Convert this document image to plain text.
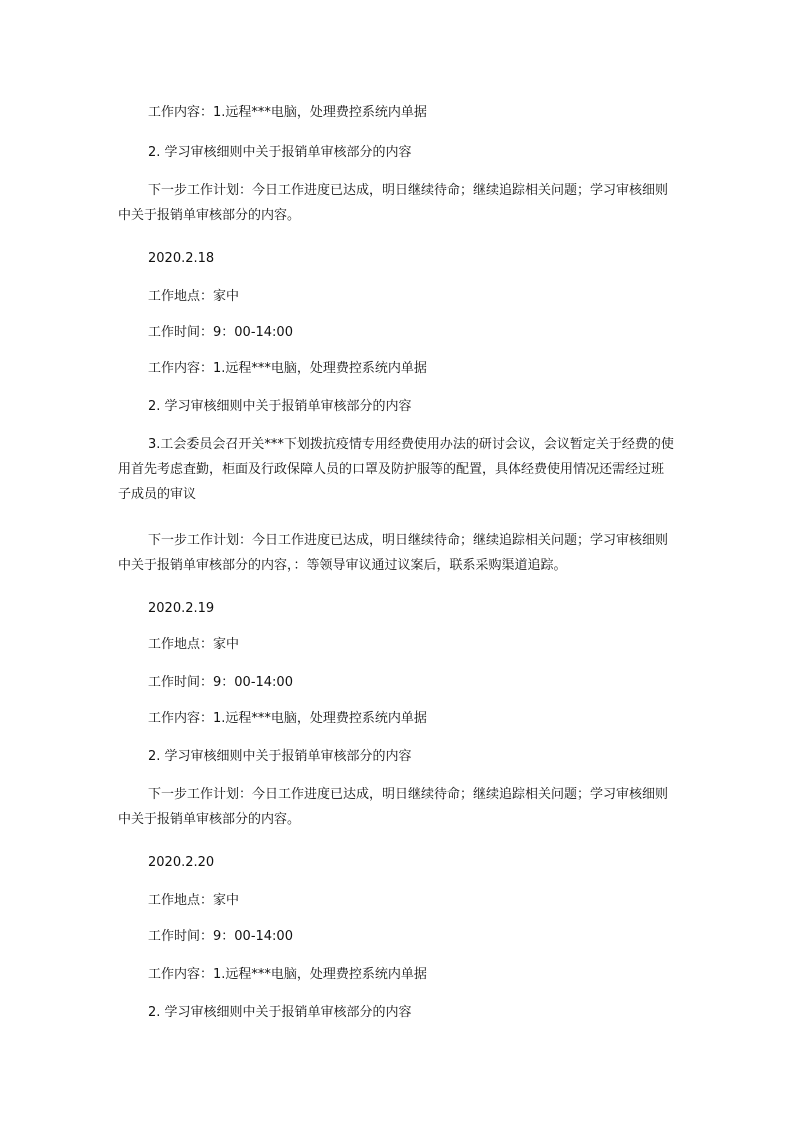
工作内容：1.远程***电脑，处理费控系统内单据

2. 学习审核细则中关于报销单审核部分的内容

下一步工作计划：今日工作进度已达成，明日继续待命；继续追踪相关问题；学习审核细则中关于报销单审核部分的内容。

2020.2.18

工作地点：家中

工作时间：9：00-14:00

工作内容：1.远程***电脑，处理费控系统内单据

2. 学习审核细则中关于报销单审核部分的内容

3.工会委员会召开关***下划拨抗疫情专用经费使用办法的研讨会议，会议暂定关于经费的使用首先考虑査勤，柜面及行政保障人员的口罩及防护服等的配置，具体经费使用情况还需经过班子成员的审议

下一步工作计划：今日工作进度已达成，明日继续待命；继续追踪相关问题；学习审核细则中关于报销单审核部分的内容，：等领导审议通过议案后，联系采购渠道追踪。

2020.2.19

工作地点：家中

工作时间：9：00-14:00

工作内容：1.远程***电脑，处理费控系统内单据

2. 学习审核细则中关于报销单审核部分的内容

下一步工作计划：今日工作进度已达成，明日继续待命；继续追踪相关问题；学习审核细则中关于报销单审核部分的内容。

2020.2.20

工作地点：家中

工作时间：9：00-14:00

工作内容：1.远程***电脑，处理费控系统内单据

2. 学习审核细则中关于报销单审核部分的内容
